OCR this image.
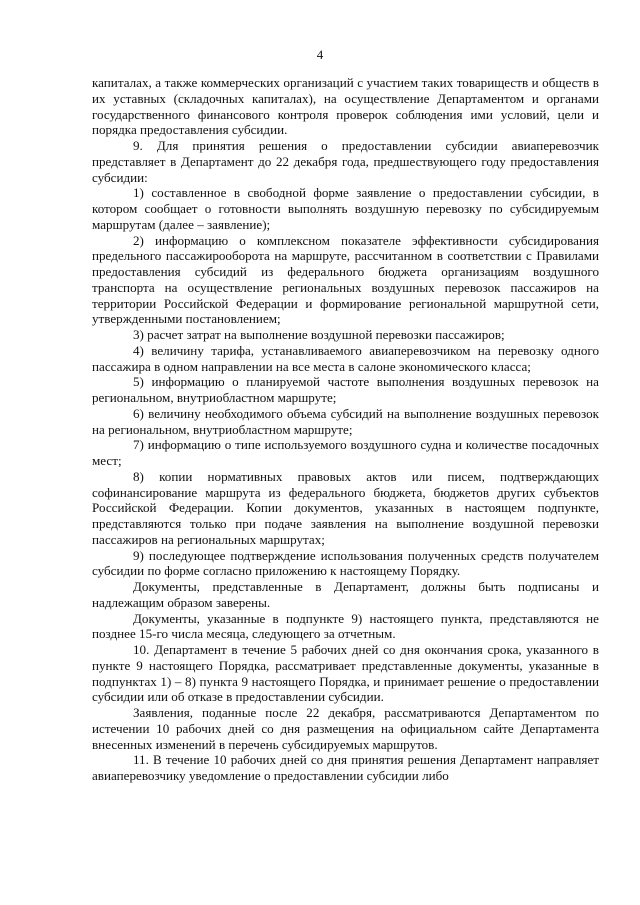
4

капиталах, а также коммерческих организаций с участием таких товариществ и обществ в их уставных (складочных капиталах), на осуществление Департаментом и органами государственного финансового контроля проверок соблюдения ими условий, цели и порядка предоставления субсидии.

9. Для принятия решения о предоставлении субсидии авиаперевозчик представляет в Департамент до 22 декабря года, предшествующего году предоставления субсидии:

1) составленное в свободной форме заявление о предоставлении субсидии, в котором сообщает о готовности выполнять воздушную перевозку по субсидируемым маршрутам (далее – заявление);

2) информацию о комплексном показателе эффективности субсидирования предельного пассажирооборота на маршруте, рассчитанном в соответствии с Правилами предоставления субсидий из федерального бюджета организациям воздушного транспорта на осуществление региональных воздушных перевозок пассажиров на территории Российской Федерации и формирование региональной маршрутной сети, утвержденными постановлением;

3) расчет затрат на выполнение воздушной перевозки пассажиров;

4) величину тарифа, устанавливаемого авиаперевозчиком на перевозку одного пассажира в одном направлении на все места в салоне экономического класса;

5) информацию о планируемой частоте выполнения воздушных перевозок на региональном, внутриобластном маршруте;

6) величину необходимого объема субсидий на выполнение воздушных перевозок на региональном, внутриобластном маршруте;

7) информацию о типе используемого воздушного судна и количестве посадочных мест;

8) копии нормативных правовых актов или писем, подтверждающих софинансирование маршрута из федерального бюджета, бюджетов других субъектов Российской Федерации. Копии документов, указанных в настоящем подпункте, представляются только при подаче заявления на выполнение воздушной перевозки пассажиров на региональных маршрутах;

9) последующее подтверждение использования полученных средств получателем субсидии по форме согласно приложению к настоящему Порядку.

Документы, представленные в Департамент, должны быть подписаны и надлежащим образом заверены.

Документы, указанные в подпункте 9) настоящего пункта, представляются не позднее 15-го числа месяца, следующего за отчетным.

10. Департамент в течение 5 рабочих дней со дня окончания срока, указанного в пункте 9 настоящего Порядка, рассматривает представленные документы, указанные в подпунктах 1) – 8) пункта 9 настоящего Порядка, и принимает решение о предоставлении субсидии или об отказе в предоставлении субсидии.

Заявления, поданные после 22 декабря, рассматриваются Департаментом по истечении 10 рабочих дней со дня размещения на официальном сайте Департамента внесенных изменений в перечень субсидируемых маршрутов.

11. В течение 10 рабочих дней со дня принятия решения Департамент направляет авиаперевозчику уведомление о предоставлении субсидии либо
